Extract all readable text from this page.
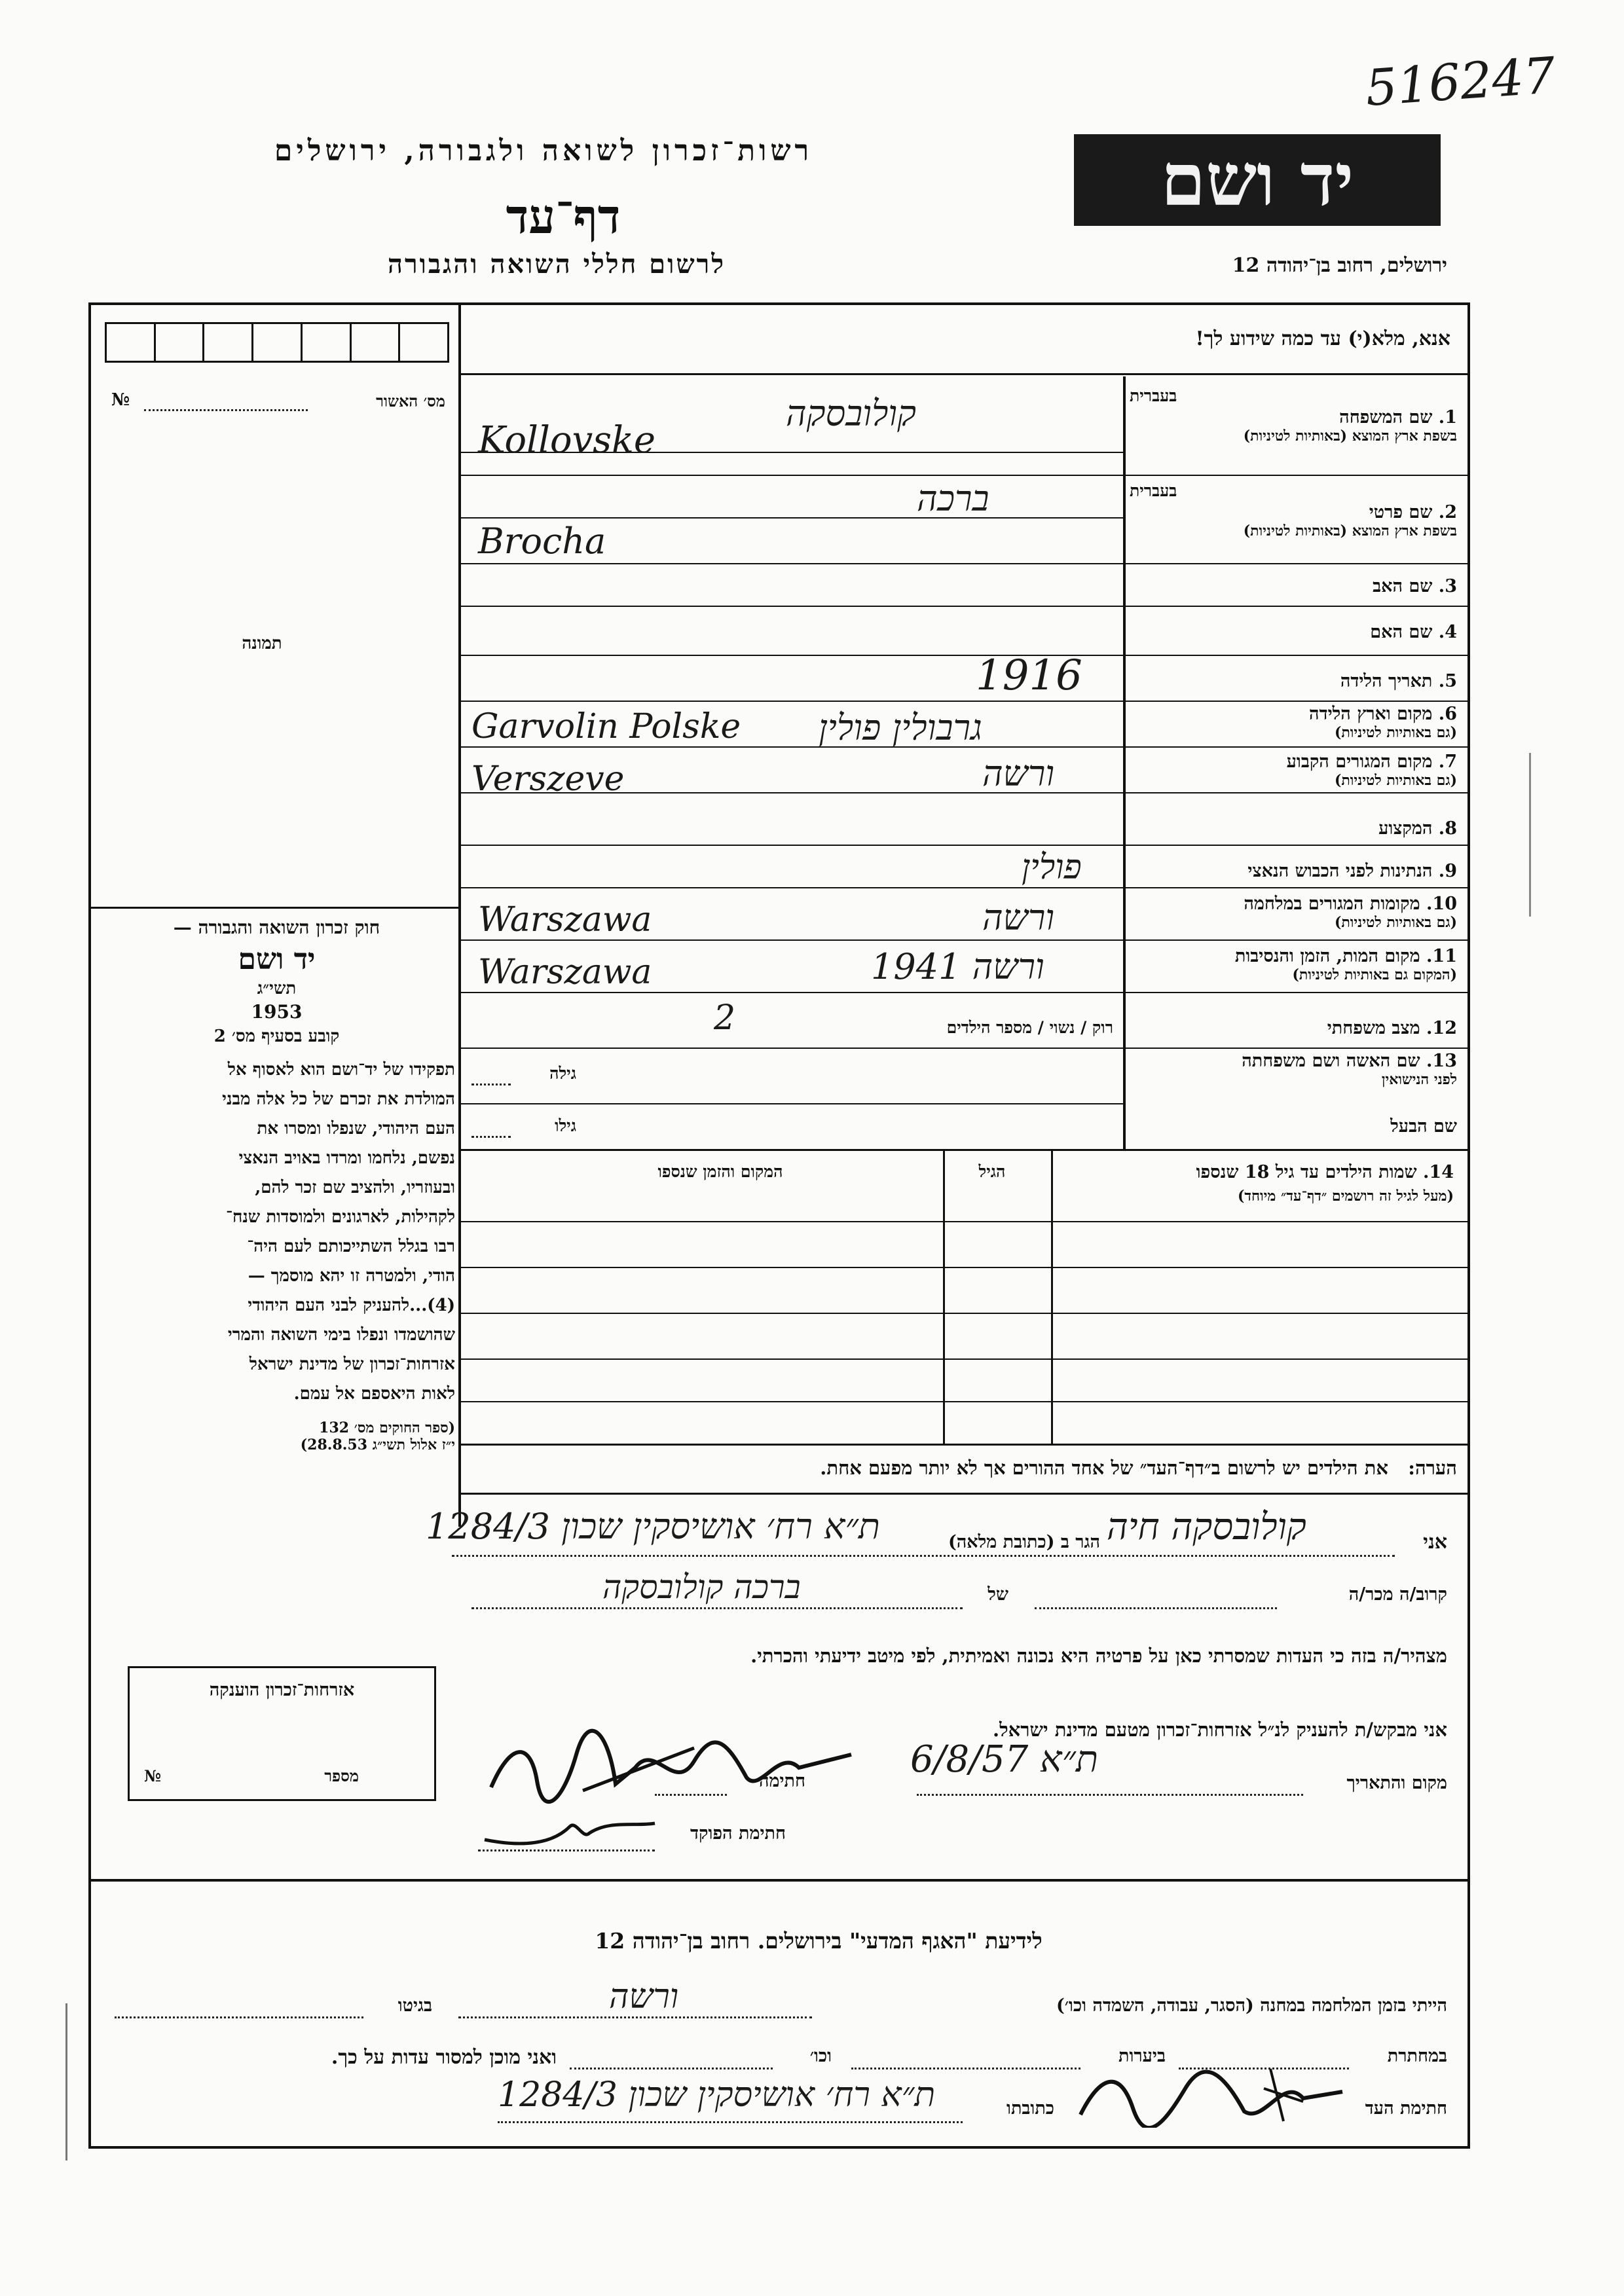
516247
רשות־זכרון לשואה ולגבורה, ירושלים
דף־עד
לרשום חללי השואה והגבורה
יד ושם
ירושלים, רחוב בן־יהודה 12
אנא, מלא(י) עד כמה שידוע לך!
מס׳ האשור
№
תמונה
חוק זכרון השואה והגבורה —
יד ושם
תשי״ג
1953
קובע בסעיף מס׳ 2
תפקידו של יד־ושם הוא לאסוף אל
המולדת את זכרם של כל אלה מבני
העם היהודי, שנפלו ומסרו את
נפשם, נלחמו ומרדו באויב הנאצי
ובעוזריו, ולהציב שם זכר להם,
לקהילות, לארגונים ולמוסדות שנח־
רבו בגלל השתייכותם לעם היה־
הודי, ולמטרה זו יהא מוסמך —
(4)...להעניק לבני העם היהודי
שהושמדו ונפלו בימי השואה והמרי
אזרחות־זכרון של מדינת ישראל
לאות היאספם אל עמם.
(ספר החוקים מס׳ 132
י״ז אלול תשי״ג 28.8.53)
בעברית
1. שם המשפחה
בשפת ארץ המוצא (באותיות לטיניות)
קולובסקה
Kollovske
בעברית
2. שם פרטי
בשפת ארץ המוצא (באותיות לטיניות)
ברכה
Brocha
3. שם האב
4. שם האם
5. תאריך הלידה
1916
6. מקום וארץ הלידה
(גם באותיות לטיניות)
גרבולין פולין
Garvolin Polske
7. מקום המגורים הקבוע
(גם באותיות לטיניות)
ורשה
Verszeve
8. המקצוע
9. הנתינות לפני הכבוש הנאצי
פולין
10. מקומות המגורים במלחמה
(גם באותיות לטיניות)
ורשה
Warszawa
11. מקום המות, הזמן והנסיבות
(המקום גם באותיות לטיניות)
ורשה 1941
Warszawa
12. מצב משפחתי
רוק / נשוי / מספר הילדים
2
13. שם האשה ושם משפחתה
לפני הנישואין
גילה
שם הבעל
גילו
14. שמות הילדים עד גיל 18 שנספו
(מעל לגיל זה רושמים ״דף־עד״ מיוחד)
הגיל
המקום והזמן שנספו
הערה:   את הילדים יש לרשום ב״דף־העד״ של אחד ההורים אך לא יותר מפעם אחת.
אני
קולובסקה חיה
הגר ב (כתובת מלאה)
ת״א רח׳ אושיסקין שכון 1284/3
קרוב/ה מכר/ה
של
ברכה קולובסקה
מצהיר/ה בזה כי העדות שמסרתי כאן על פרטיה היא נכונה ואמיתית, לפי מיטב ידיעתי והכרתי.
אזרחות־זכרון הוענקה
מספר
№
אני מבקש/ת להעניק לנ״ל אזרחות־זכרון מטעם מדינת ישראל.
מקום והתאריך
ת״א 6/8/57
חתימה
חתימת הפוקד
לידיעת "האגף המדעי" בירושלים. רחוב בן־יהודה 12
הייתי בזמן המלחמה במחנה (הסגר, עבודה, השמדה וכו׳)
ורשה
בגיטו
במחתרת
ביערות
וכו׳
ואני מוכן למסור עדות על כך.
חתימת העד
כתובתו
ת״א רח׳ אושיסקין שכון 1284/3
